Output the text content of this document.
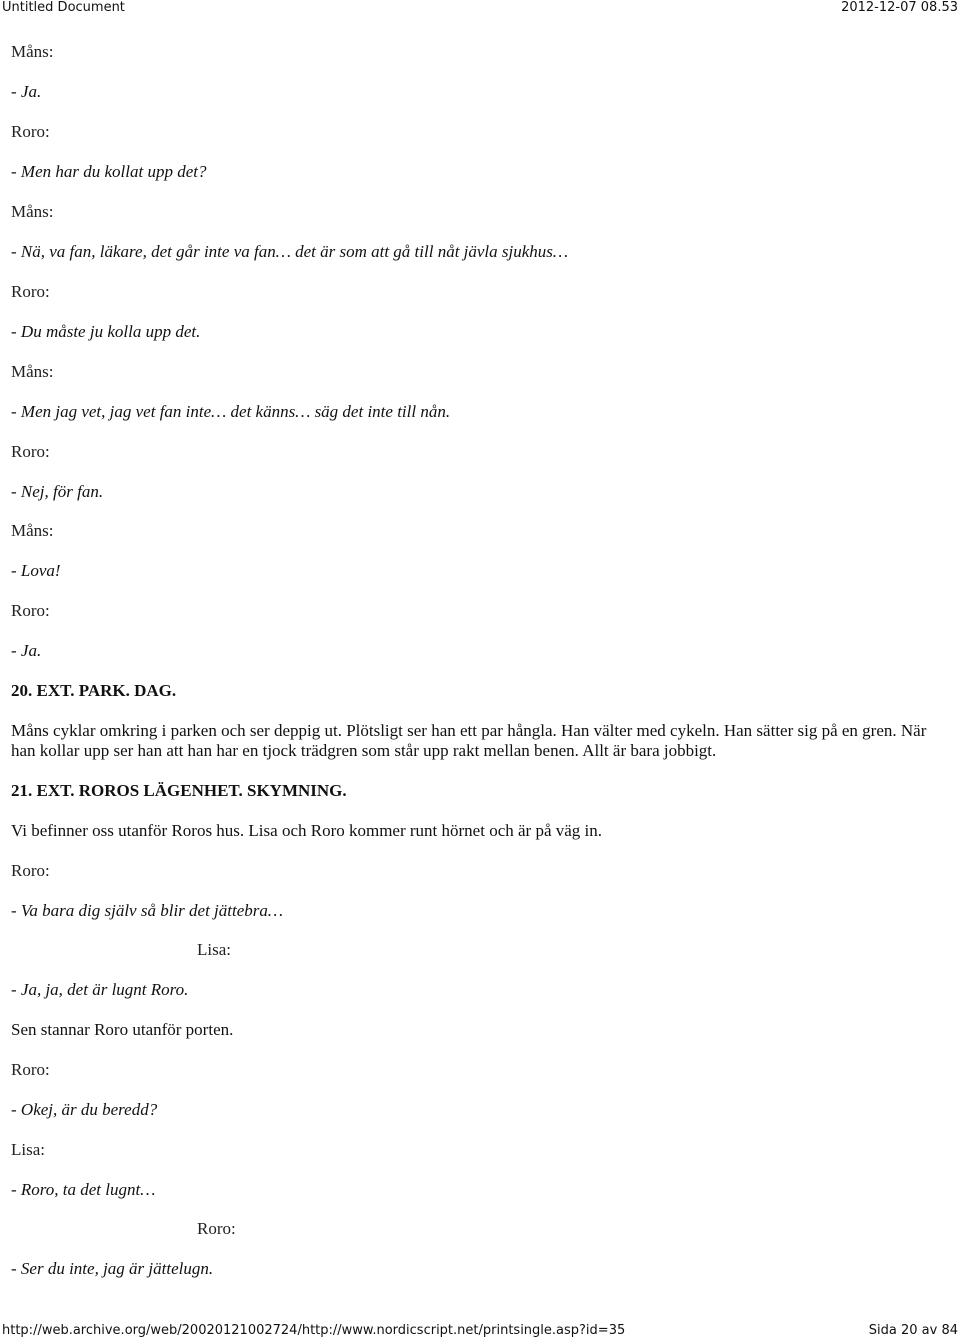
Untitled Document	2012-12-07 08.53
Måns:
- Ja.
Roro:
- Men har du kollat upp det?
Måns:
- Nä, va fan, läkare, det går inte va fan… det är som att gå till nåt jävla sjukhus…
Roro:
- Du måste ju kolla upp det.
Måns:
- Men jag vet, jag vet fan inte… det känns… säg det inte till nån.
Roro:
- Nej, för fan.
Måns:
- Lova!
Roro:
- Ja.
20. EXT. PARK. DAG.
Måns cyklar omkring i parken och ser deppig ut. Plötsligt ser han ett par hångla. Han välter med cykeln. Han sätter sig på en gren. När han kollar upp ser han att han har en tjock trädgren som står upp rakt mellan benen. Allt är bara jobbigt.
21. EXT. ROROS LÄGENHET. SKYMNING.
Vi befinner oss utanför Roros hus. Lisa och Roro kommer runt hörnet och är på väg in.
Roro:
- Va bara dig själv så blir det jättebra…
Lisa:
- Ja, ja, det är lugnt Roro.
Sen stannar Roro utanför porten.
Roro:
- Okej, är du beredd?
Lisa:
- Roro, ta det lugnt…
Roro:
- Ser du inte, jag är jättelugn.
http://web.archive.org/web/20020121002724/http://www.nordicscript.net/printsingle.asp?id=35	Sida 20 av 84
